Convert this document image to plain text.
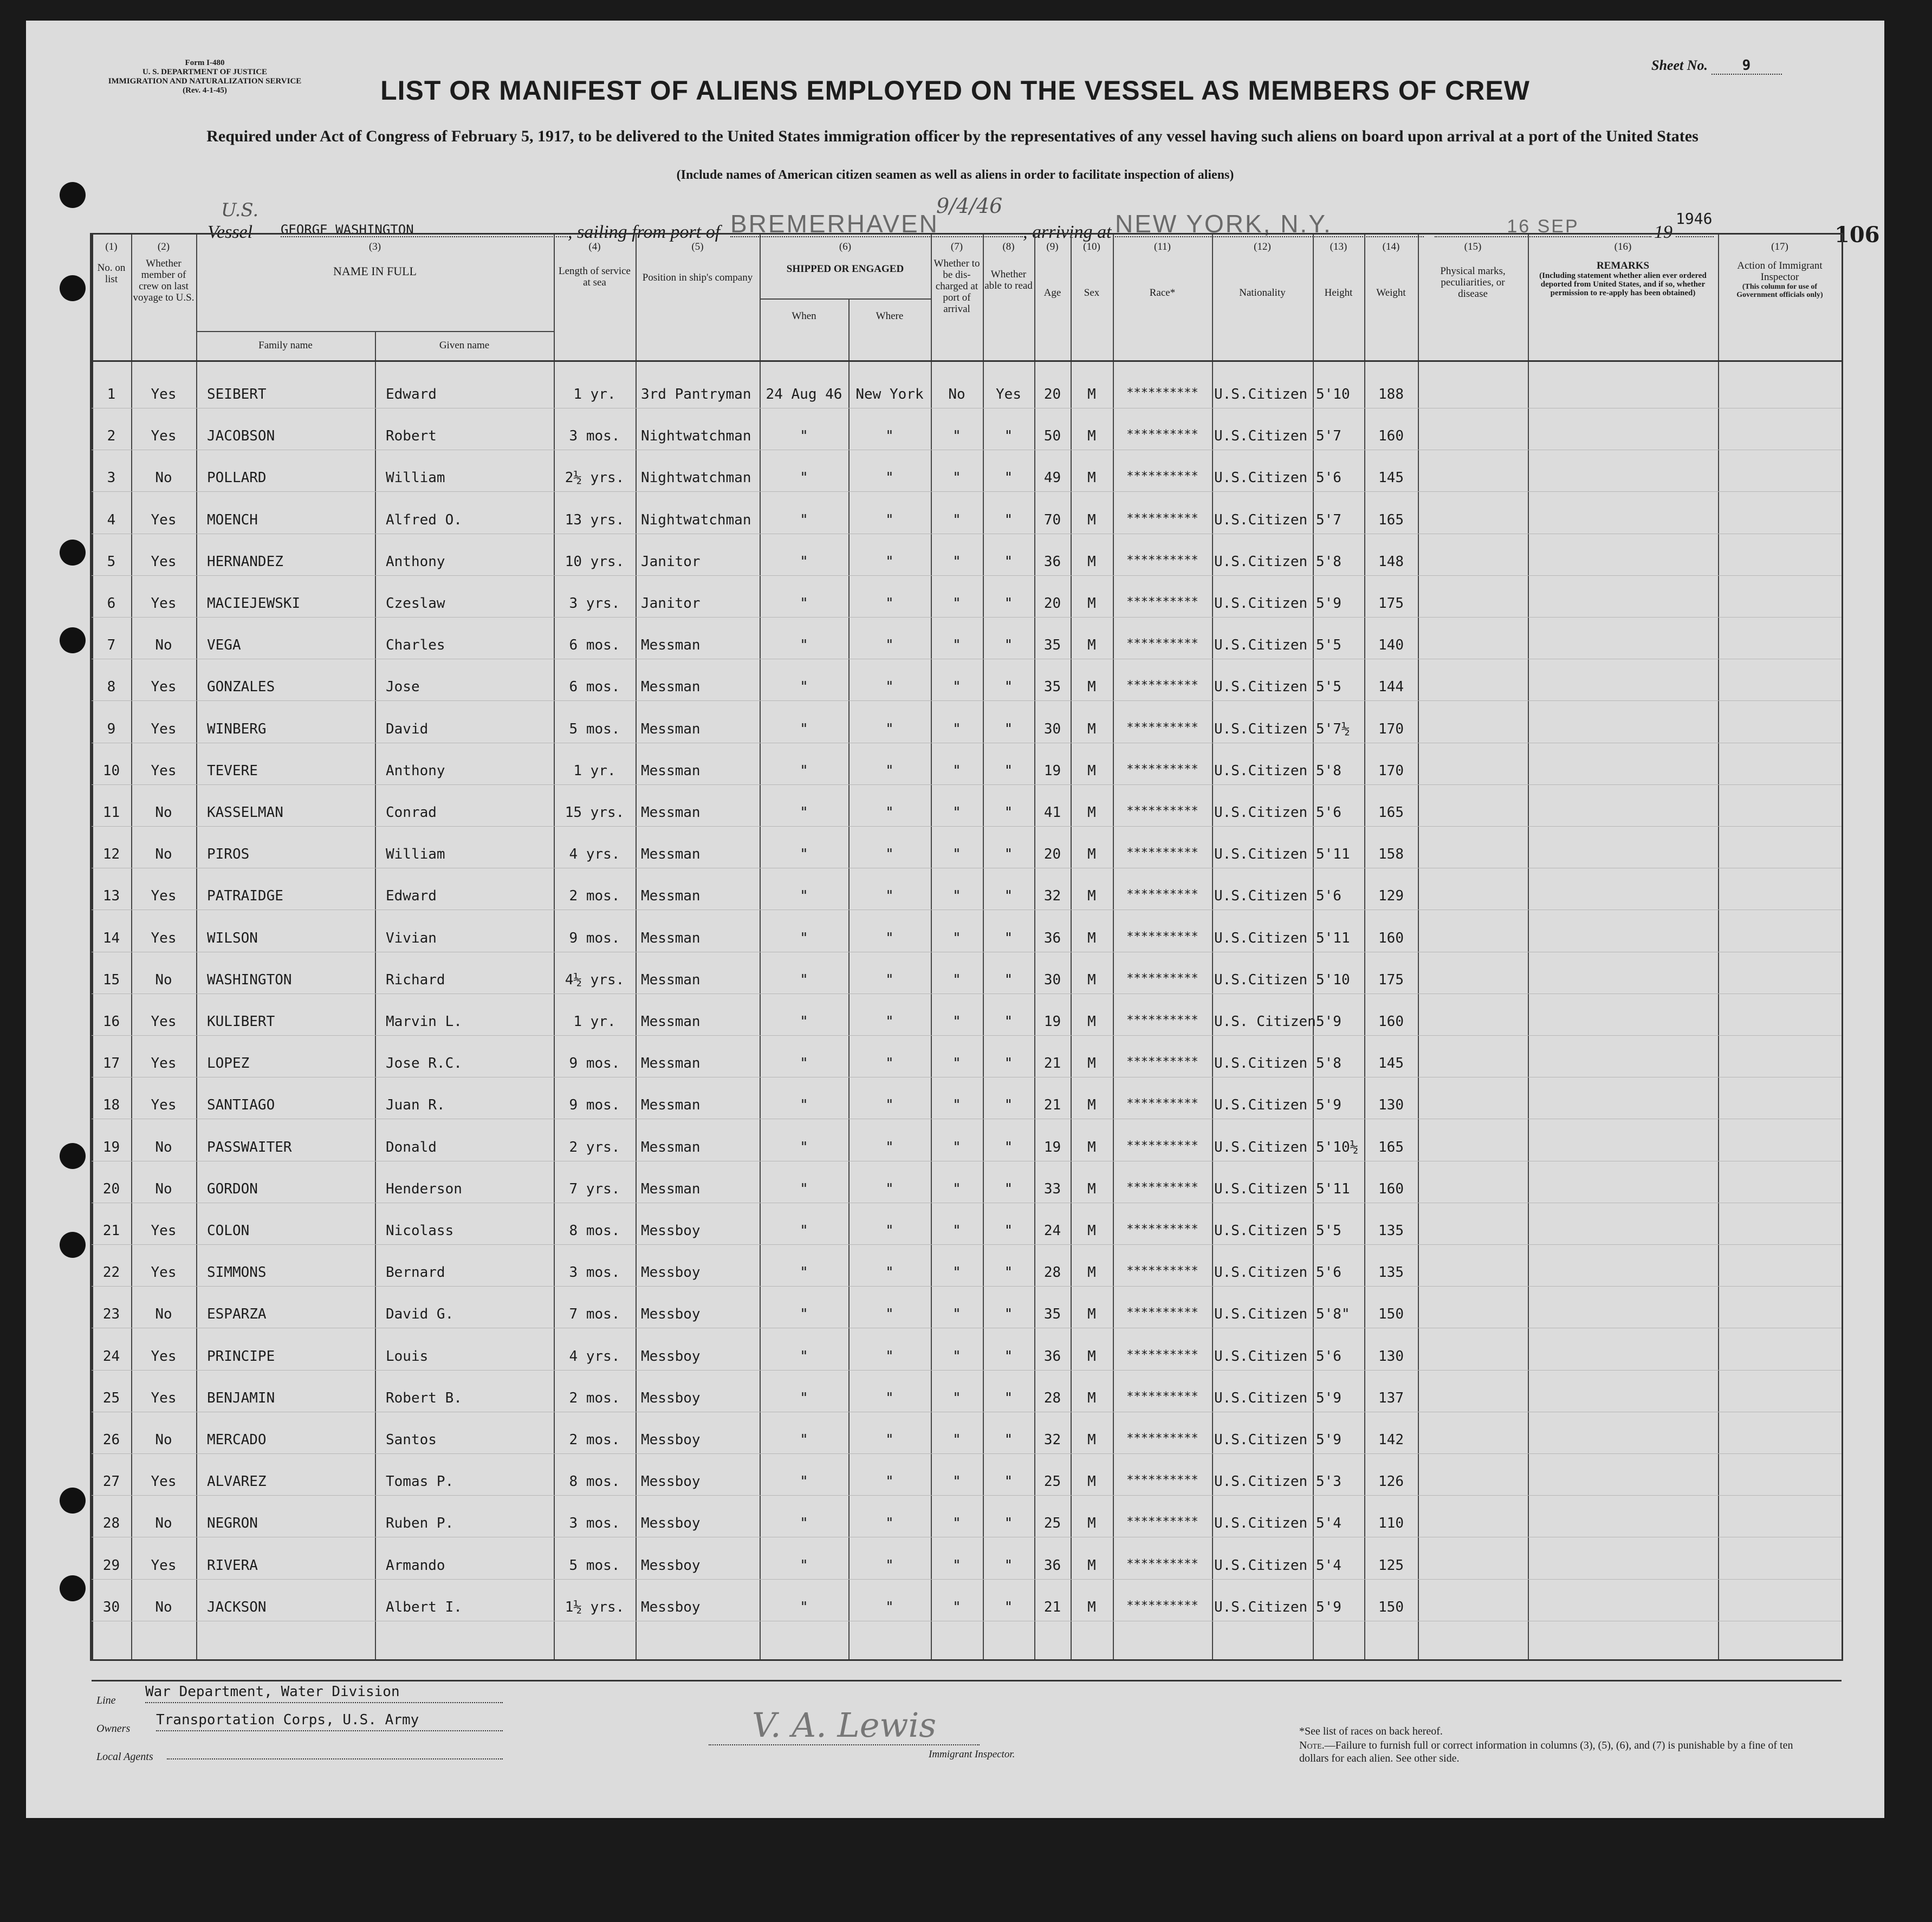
Form I-480
U. S. DEPARTMENT OF JUSTICE
IMMIGRATION AND NATURALIZATION SERVICE
(Rev. 4-1-45)
Sheet No. 9
LIST OR MANIFEST OF ALIENS EMPLOYED ON THE VESSEL AS MEMBERS OF CREW
Required under Act of Congress of February 5, 1917, to be delivered to the United States immigration officer by the representatives of any vessel having such aliens on board upon arrival at a port of the United States
(Include names of American citizen seamen as well as aliens in order to facilitate inspection of aliens)
Vessel
U.S.
GEORGE WASHINGTON	, sailing from port of BREMERHAVEN
9/4/46
, arriving at NEW YORK, N.Y.	16 SEP	19
1946
106
(1)
No. on list
(2)
Whether member of crew on last voyage to U.S.
(3)
NAME IN FULL
Family name	Given name
(4)
Length of service at sea
(5)
Position in ship's company
(6)
SHIPPED OR ENGAGED
When	Where
(7)
Whether to be dis-charged at port of arrival
(8)
Whether able to read
(9)
Age
(10)
Sex
(11)
Race*
(12)
Nationality
(13)
Height
(14)
Weight
(15)
Physical marks, peculiarities, or disease
(16)
REMARKS
(Including statement whether alien ever ordered deported from United States, and if so, whether permission to re-apply has been obtained)
(17)
Action of Immigrant Inspector
(This column for use of Government officials only)
1	Yes	SEIBERT	Edward	1 yr.	3rd Pantryman	24 Aug 46 New York	No	Yes	20	M	**********	U.S.Citizen 5'10	188
2	Yes	JACOBSON	Robert	3 mos.	Nightwatchman	"	"	"	"	50	M	**********	U.S.Citizen 5'7	160
3	No	POLLARD	William	2½ yrs.	Nightwatchman	"	"	"	"	49	M	**********	U.S.Citizen 5'6	145
4	Yes	MOENCH	Alfred O.	13 yrs.	Nightwatchman	"	"	"	"	70	M	**********	U.S.Citizen 5'7	165
5	Yes	HERNANDEZ	Anthony	10 yrs.	Janitor	"	"	"	"	36	M	**********	U.S.Citizen 5'8	148
6	Yes	MACIEJEWSKI	Czeslaw	3 yrs.	Janitor	"	"	"	"	20	M	**********	U.S.Citizen 5'9	175
7	No	VEGA	Charles	6 mos.	Messman	"	"	"	"	35	M	**********	U.S.Citizen 5'5	140
8	Yes	GONZALES	Jose	6 mos.	Messman	"	"	"	"	35	M	**********	U.S.Citizen 5'5	144
9	Yes	WINBERG	David	5 mos.	Messman	"	"	"	"	30	M	**********	U.S.Citizen 5'7½	170
10	Yes	TEVERE	Anthony	1 yr.	Messman	"	"	"	"	19	M	**********	U.S.Citizen 5'8	170
11	No	KASSELMAN	Conrad	15 yrs.	Messman	"	"	"	"	41	M	**********	U.S.Citizen 5'6	165
12	No	PIROS	William	4 yrs.	Messman	"	"	"	"	20	M	**********	U.S.Citizen 5'11	158
13	Yes	PATRAIDGE	Edward	2 mos.	Messman	"	"	"	"	32	M	**********	U.S.Citizen 5'6	129
14	Yes	WILSON	Vivian	9 mos.	Messman	"	"	"	"	36	M	**********	U.S.Citizen 5'11	160
15	No	WASHINGTON	Richard	4½ yrs.	Messman	"	"	"	"	30	M	**********	U.S.Citizen 5'10	175
16	Yes	KULIBERT	Marvin L.	1 yr.	Messman	"	"	"	"	19	M	**********	U.S. Citizen 5'9	160
17	Yes	LOPEZ	Jose R.C.	9 mos.	Messman	"	"	"	"	21	M	**********	U.S.Citizen 5'8	145
18	Yes	SANTIAGO	Juan R.	9 mos.	Messman	"	"	"	"	21	M	**********	U.S.Citizen 5'9	130
19	No	PASSWAITER	Donald	2 yrs.	Messman	"	"	"	"	19	M	**********	U.S.Citizen 5'10½	165
20	No	GORDON	Henderson	7 yrs.	Messman	"	"	"	"	33	M	**********	U.S.Citizen 5'11	160
21	Yes	COLON	Nicolass	8 mos.	Messboy	"	"	"	"	24	M	**********	U.S.Citizen 5'5	135
22	Yes	SIMMONS	Bernard	3 mos.	Messboy	"	"	"	"	28	M	**********	U.S.Citizen 5'6	135
23	No	ESPARZA	David G.	7 mos.	Messboy	"	"	"	"	35	M	**********	U.S.Citizen 5'8"	150
24	Yes	PRINCIPE	Louis	4 yrs.	Messboy	"	"	"	"	36	M	**********	U.S.Citizen 5'6	130
25	Yes	BENJAMIN	Robert B.	2 mos.	Messboy	"	"	"	"	28	M	**********	U.S.Citizen 5'9	137
26	No	MERCADO	Santos	2 mos.	Messboy	"	"	"	"	32	M	**********	U.S.Citizen 5'9	142
27	Yes	ALVAREZ	Tomas P.	8 mos.	Messboy	"	"	"	"	25	M	**********	U.S.Citizen 5'3	126
28	No	NEGRON	Ruben P.	3 mos.	Messboy	"	"	"	"	25	M	**********	U.S.Citizen 5'4	110
29	Yes	RIVERA	Armando	5 mos.	Messboy	"	"	"	"	36	M	**********	U.S.Citizen 5'4	125
30	No	JACKSON	Albert I.	1½ yrs.	Messboy	"	"	"	"	21	M	**********	U.S.Citizen 5'9	150
Line
War Department, Water Division
Owners
Transportation Corps, U.S. Army
Local Agents
V. A. Lewis
Immigrant Inspector.
*See list of races on back hereof.
Note.—Failure to furnish full or correct information in columns (3), (5), (6), and (7) is punishable by a fine of ten dollars for each alien. See other side.
